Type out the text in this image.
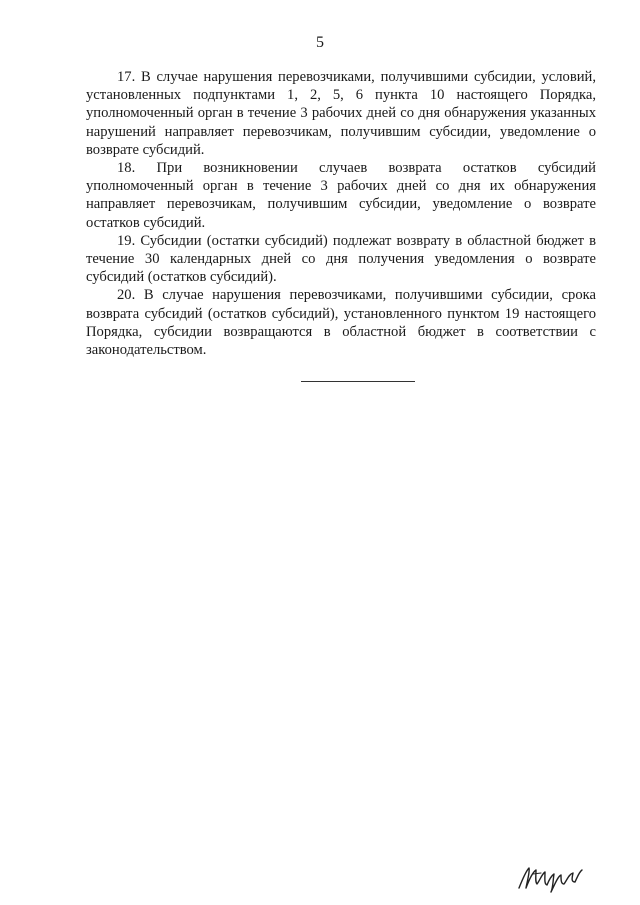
5

17. В случае нарушения перевозчиками, получившими субсидии, условий, установленных подпунктами 1, 2, 5, 6 пункта 10 настоящего Порядка, уполномоченный орган в течение 3 рабочих дней со дня обнаружения указанных нарушений направляет перевозчикам, получившим субсидии, уведомление о возврате субсидий.

18. При возникновении случаев возврата остатков субсидий уполномоченный орган в течение 3 рабочих дней со дня их обнаружения направляет перевозчикам, получившим субсидии, уведомление о возврате остатков субсидий.

19. Субсидии (остатки субсидий) подлежат возврату в областной бюджет в течение 30 календарных дней со дня получения уведомления о возврате субсидий (остатков субсидий).

20. В случае нарушения перевозчиками, получившими субсидии, срока возврата субсидий (остатков субсидий), установленного пунктом 19 настоящего Порядка, субсидии возвращаются в областной бюджет в соответствии с законодательством.
